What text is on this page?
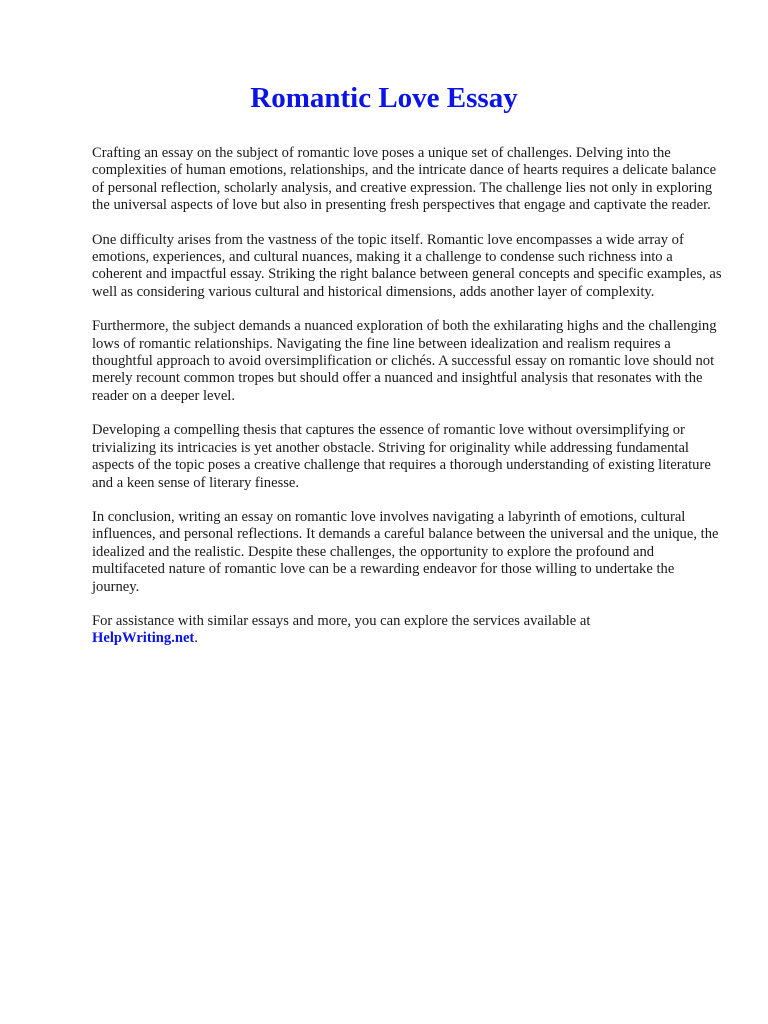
Romantic Love Essay

Crafting an essay on the subject of romantic love poses a unique set of challenges. Delving into the complexities of human emotions, relationships, and the intricate dance of hearts requires a delicate balance of personal reflection, scholarly analysis, and creative expression. The challenge lies not only in exploring the universal aspects of love but also in presenting fresh perspectives that engage and captivate the reader.

One difficulty arises from the vastness of the topic itself. Romantic love encompasses a wide array of emotions, experiences, and cultural nuances, making it a challenge to condense such richness into a coherent and impactful essay. Striking the right balance between general concepts and specific examples, as well as considering various cultural and historical dimensions, adds another layer of complexity.

Furthermore, the subject demands a nuanced exploration of both the exhilarating highs and the challenging lows of romantic relationships. Navigating the fine line between idealization and realism requires a thoughtful approach to avoid oversimplification or clichés. A successful essay on romantic love should not merely recount common tropes but should offer a nuanced and insightful analysis that resonates with the reader on a deeper level.

Developing a compelling thesis that captures the essence of romantic love without oversimplifying or trivializing its intricacies is yet another obstacle. Striving for originality while addressing fundamental aspects of the topic poses a creative challenge that requires a thorough understanding of existing literature and a keen sense of literary finesse.

In conclusion, writing an essay on romantic love involves navigating a labyrinth of emotions, cultural influences, and personal reflections. It demands a careful balance between the universal and the unique, the idealized and the realistic. Despite these challenges, the opportunity to explore the profound and multifaceted nature of romantic love can be a rewarding endeavor for those willing to undertake the journey.

For assistance with similar essays and more, you can explore the services available at
HelpWriting.net.
